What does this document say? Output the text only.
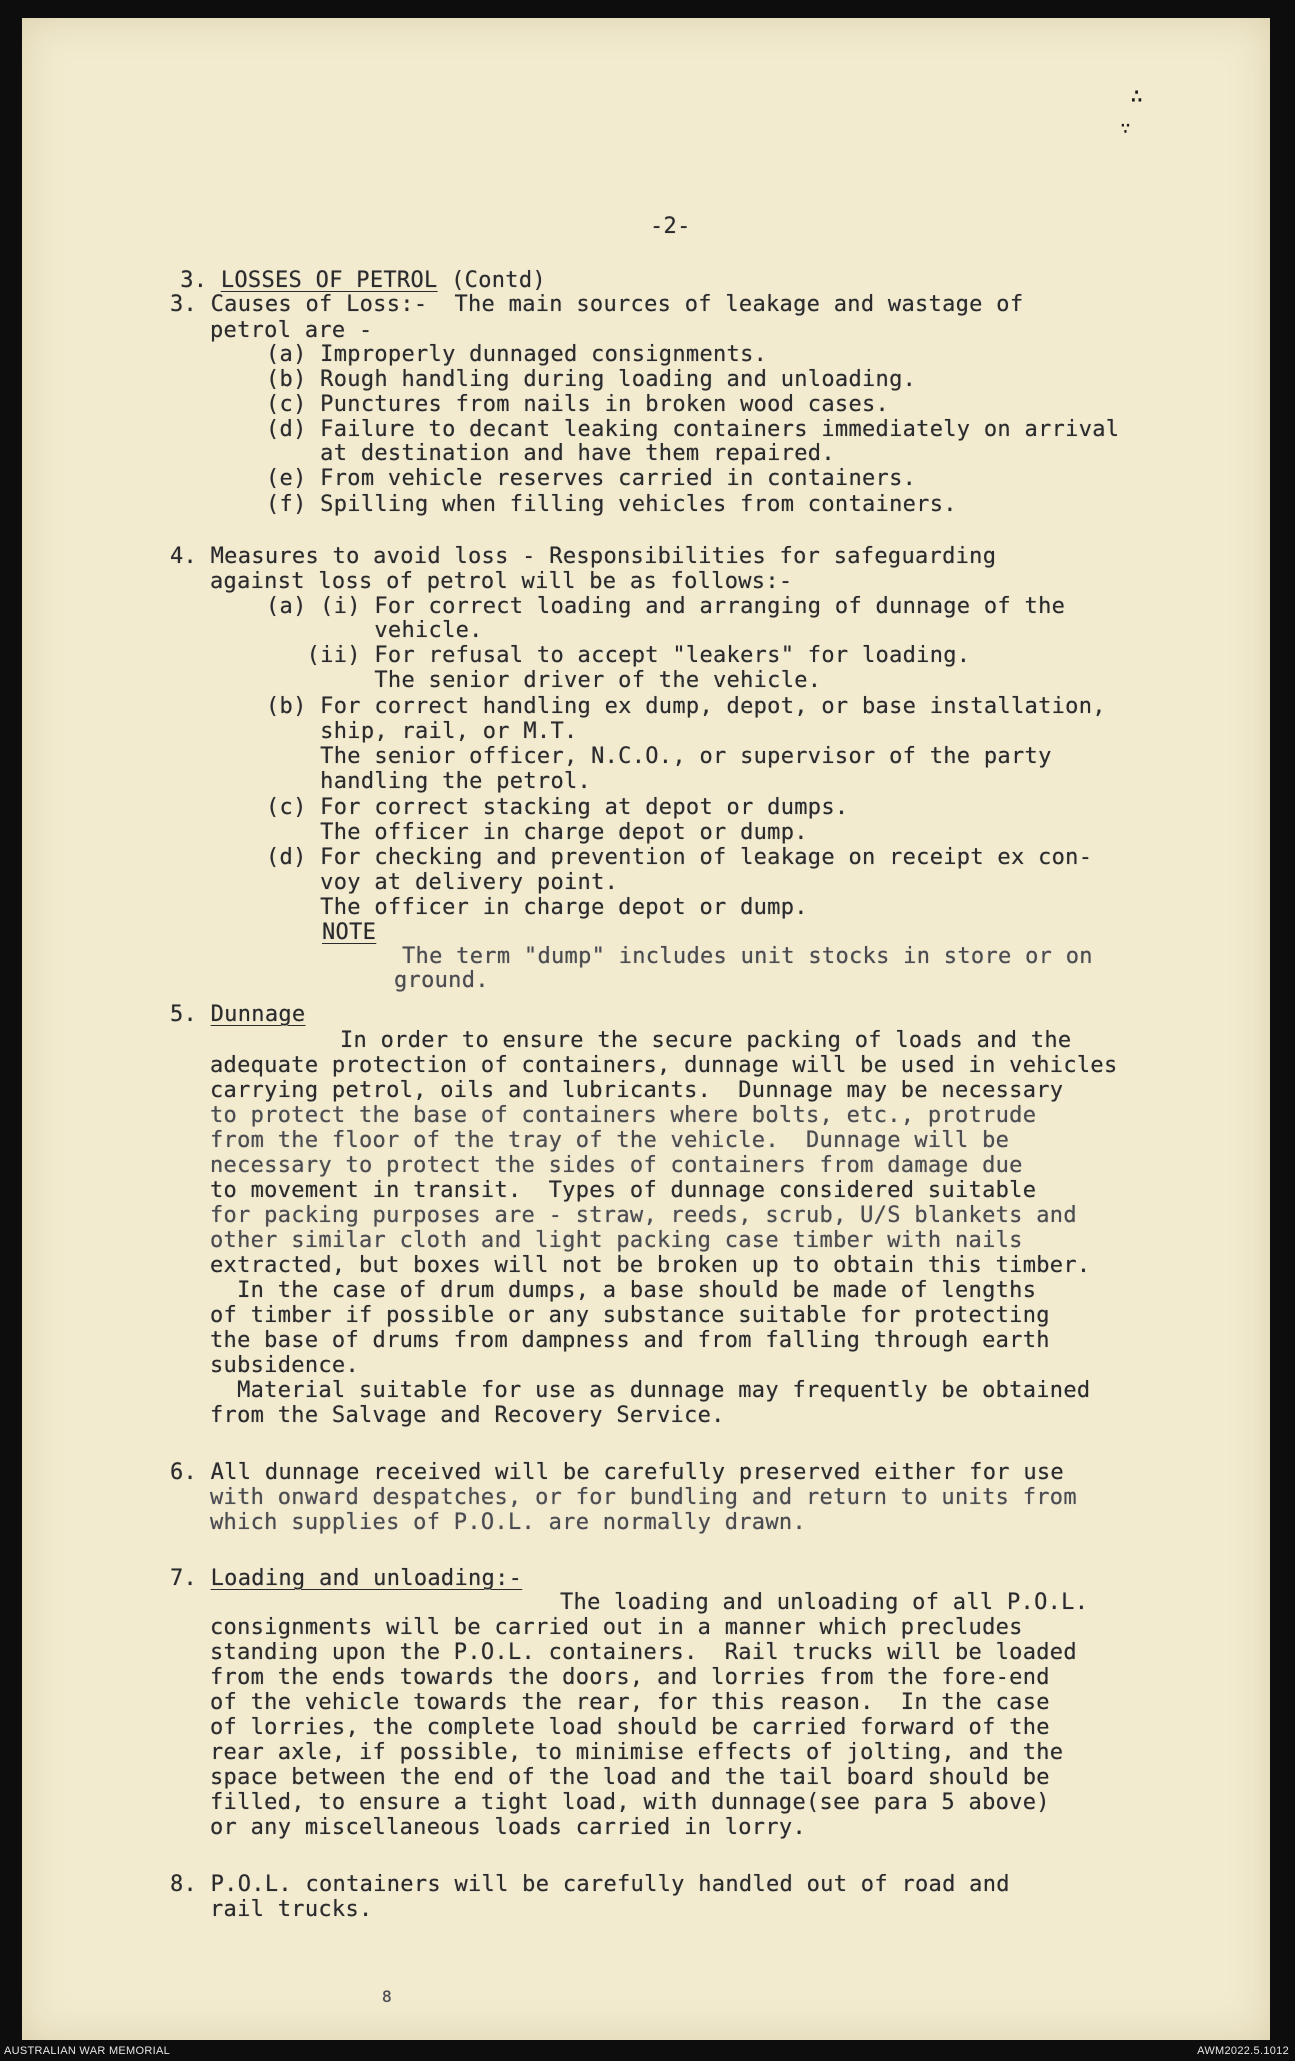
∴
∵
-2-

3. LOSSES OF PETROL (Contd)

3. Causes of Loss:- The main sources of leakage and wastage of
petrol are -
(a) Improperly dunnaged consignments.
(b) Rough handling during loading and unloading.
(c) Punctures from nails in broken wood cases.
(d) Failure to decant leaking containers immediately on arrival
at destination and have them repaired.
(e) From vehicle reserves carried in containers.
(f) Spilling when filling vehicles from containers.
4. Measures to avoid loss - Responsibilities for safeguarding
against loss of petrol will be as follows:-
(a) (i) For correct loading and arranging of dunnage of the
vehicle.
(ii) For refusal to accept "leakers" for loading.
The senior driver of the vehicle.
(b) For correct handling ex dump, depot, or base installation,
ship, rail, or M.T.
The senior officer, N.C.O., or supervisor of the party
handling the petrol.
(c) For correct stacking at depot or dumps.
The officer in charge depot or dump.
(d) For checking and prevention of leakage on receipt ex con-
voy at delivery point.
The officer in charge depot or dump.
NOTE
The term "dump" includes unit stocks in store or on
ground.
5. Dunnage
In order to ensure the secure packing of loads and the
adequate protection of containers, dunnage will be used in vehicles
carrying petrol, oils and lubricants.  Dunnage may be necessary
to protect the base of containers where bolts, etc., protrude
from the floor of the tray of the vehicle.  Dunnage will be
necessary to protect the sides of containers from damage due
to movement in transit.  Types of dunnage considered suitable
for packing purposes are - straw, reeds, scrub, U/S blankets and
other similar cloth and light packing case timber with nails
extracted, but boxes will not be broken up to obtain this timber.
In the case of drum dumps, a base should be made of lengths
of timber if possible or any substance suitable for protecting
the base of drums from dampness and from falling through earth
subsidence.
Material suitable for use as dunnage may frequently be obtained
from the Salvage and Recovery Service.
6. All dunnage received will be carefully preserved either for use
with onward despatches, or for bundling and return to units from
which supplies of P.O.L. are normally drawn.
7. Loading and unloading:-
The loading and unloading of all P.O.L.
consignments will be carried out in a manner which precludes
standing upon the P.O.L. containers.  Rail trucks will be loaded
from the ends towards the doors, and lorries from the fore-end
of the vehicle towards the rear, for this reason.  In the case
of lorries, the complete load should be carried forward of the
rear axle, if possible, to minimise effects of jolting, and the
space between the end of the load and the tail board should be
filled, to ensure a tight load, with dunnage(see para 5 above)
or any miscellaneous loads carried in lorry.
8. P.O.L. containers will be carefully handled out of road and
rail trucks.
8
AUSTRALIAN WAR MEMORIAL	AWM2022.5.1012
